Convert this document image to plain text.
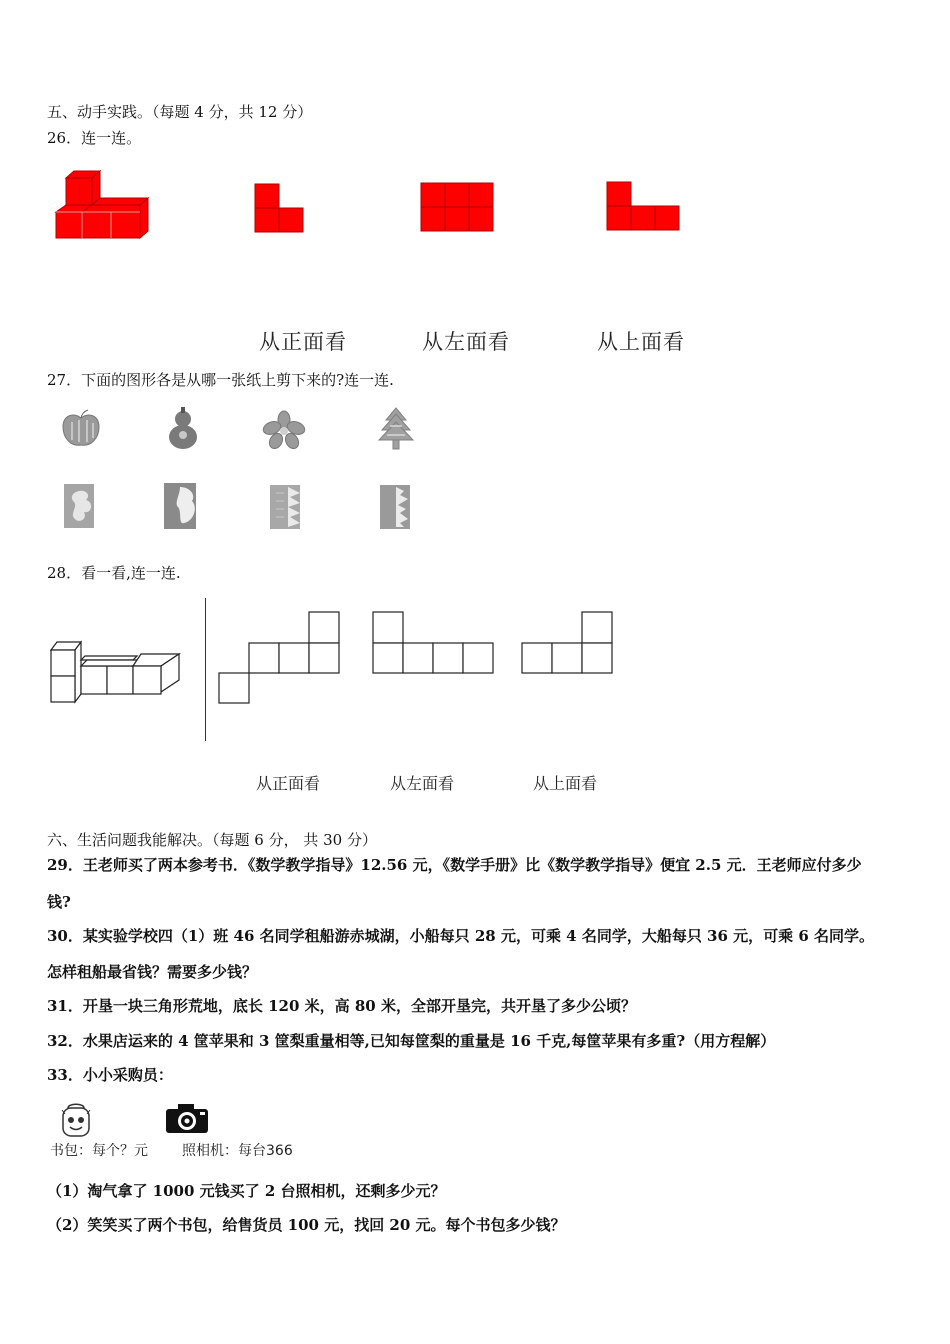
五、动手实践。（每题 4 分，共 12 分）
26．连一连。
从正面看	从左面看	从上面看
27．下面的图形各是从哪一张纸上剪下来的?连一连.
28．看一看,连一连.
从正面看	从左面看	从上面看
六、生活问题我能解决。（每题 6 分， 共 30 分）
29．王老师买了两本参考书．《数学教学指导》12.56 元，《数学手册》比《数学教学指导》便宜 2.5 元．王老师应付多少
钱?
30．某实验学校四（1）班 46 名同学租船游赤城湖，小船每只 28 元，可乘 4 名同学，大船每只 36 元，可乘 6 名同学。
怎样租船最省钱？需要多少钱？
31．开垦一块三角形荒地，底长 120 米，高 80 米，全部开垦完，共开垦了多少公顷？
32．水果店运来的 4 筐苹果和 3 筐梨重量相等,已知每筐梨的重量是 16 千克,每筐苹果有多重?（用方程解）
33．小小采购员：
书包：每个？元 照相机：每台366
（1）淘气拿了 1000 元钱买了 2 台照相机，还剩多少元？
（2）笑笑买了两个书包，给售货员 100 元，找回 20 元。每个书包多少钱？
